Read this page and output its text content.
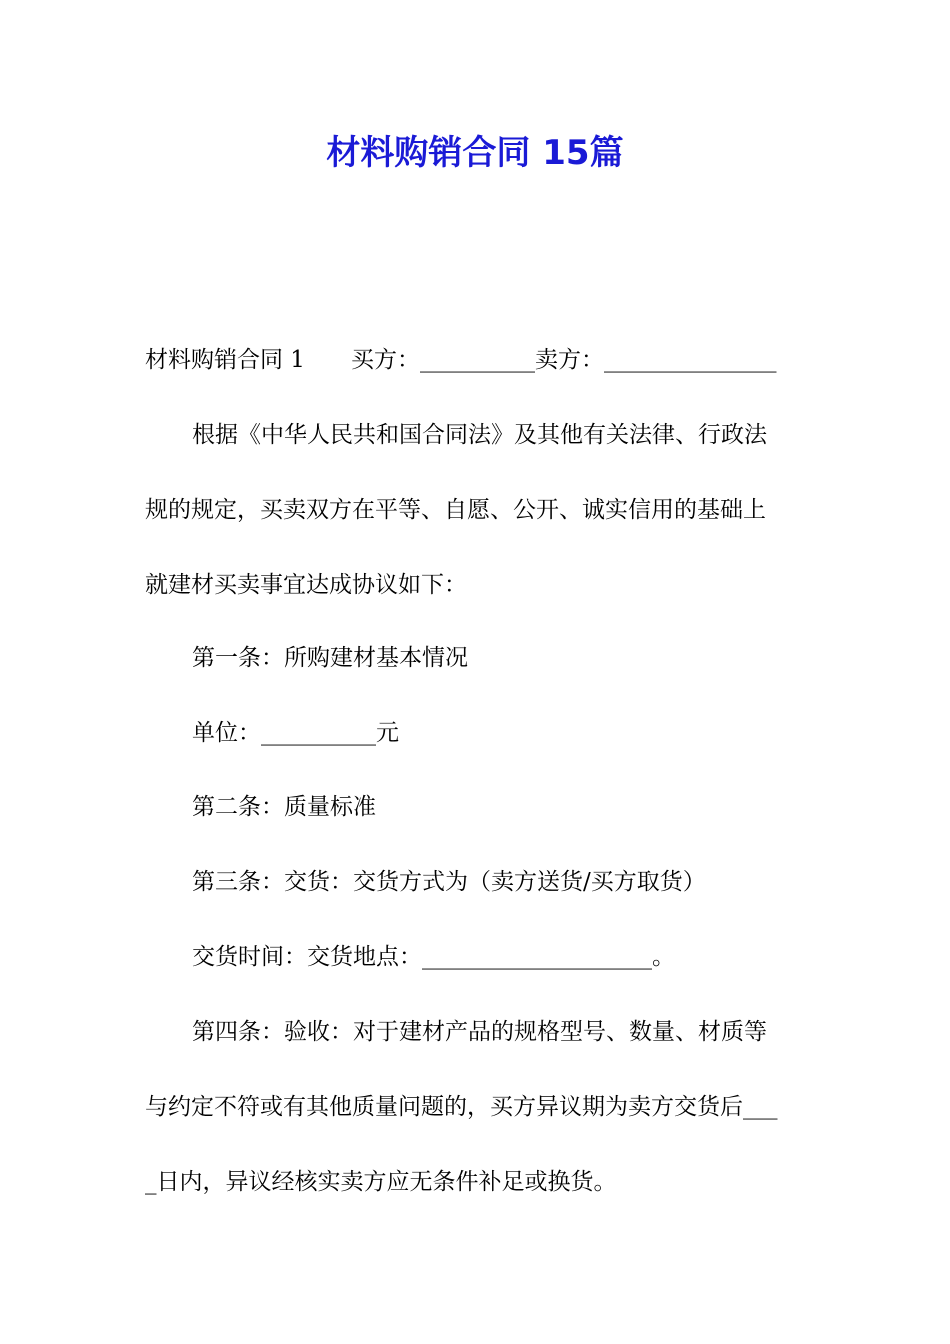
材料购销合同 15篇
材料购销合同 1 买方：__________卖方：_______________
根据《中华人民共和国合同法》及其他有关法律、行政法
规的规定，买卖双方在平等、自愿、公开、诚实信用的基础上
就建材买卖事宜达成协议如下：
第一条：所购建材基本情况
单位：__________元
第二条：质量标准
第三条：交货：交货方式为（卖方送货/买方取货）
交货时间：交货地点：____________________。
第四条：验收：对于建材产品的规格型号、数量、材质等
与约定不符或有其他质量问题的，买方异议期为卖方交货后___
_日内，异议经核实卖方应无条件补足或换货。
